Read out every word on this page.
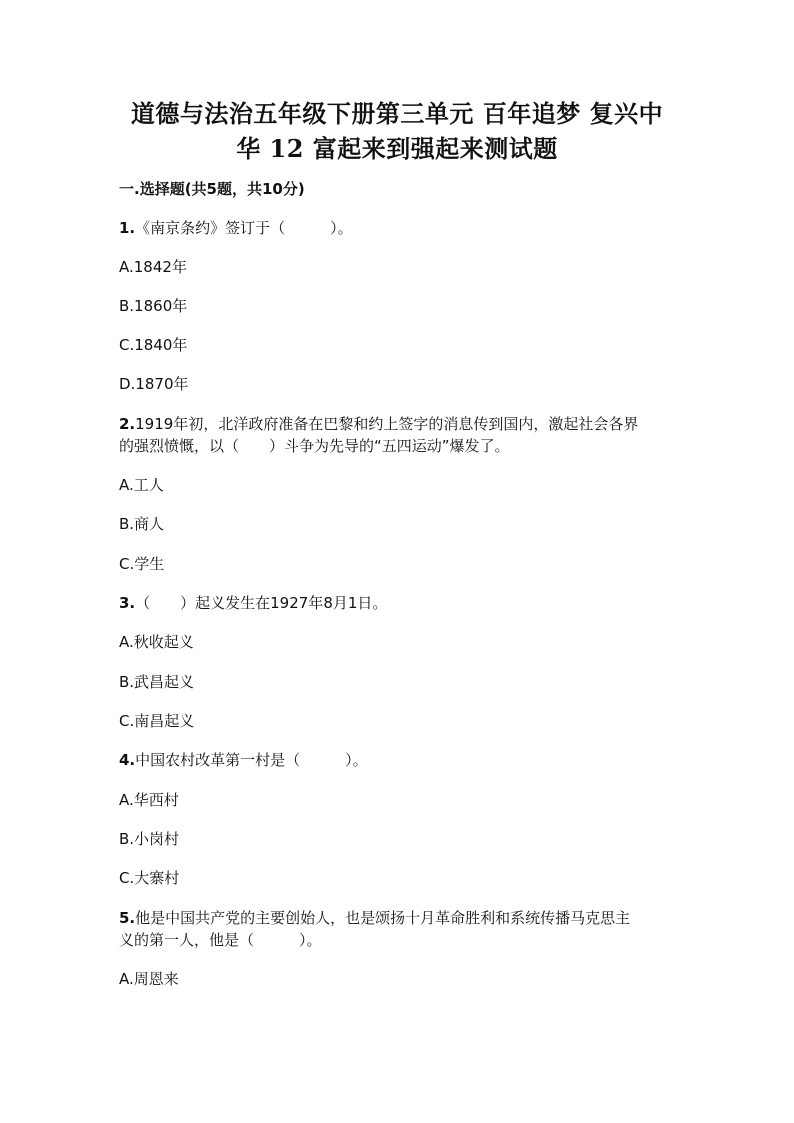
道德与法治五年级下册第三单元 百年追梦 复兴中
华 12 富起来到强起来测试题
一.选择题(共5题，共10分)
1.《南京条约》签订于（　　　）。
A.1842年
B.1860年
C.1840年
D.1870年
2.1919年初，北洋政府准备在巴黎和约上签字的消息传到国内，激起社会各界
的强烈愤慨，以（　　）斗争为先导的“五四运动”爆发了。
A.工人
B.商人
C.学生
3.（　　）起义发生在1927年8月1日。
A.秋收起义
B.武昌起义
C.南昌起义
4.中国农村改革第一村是（　　　）。
A.华西村
B.小岗村
C.大寨村
5.他是中国共产党的主要创始人，也是颂扬十月革命胜利和系统传播马克思主
义的第一人，他是（　　　）。
A.周恩来
